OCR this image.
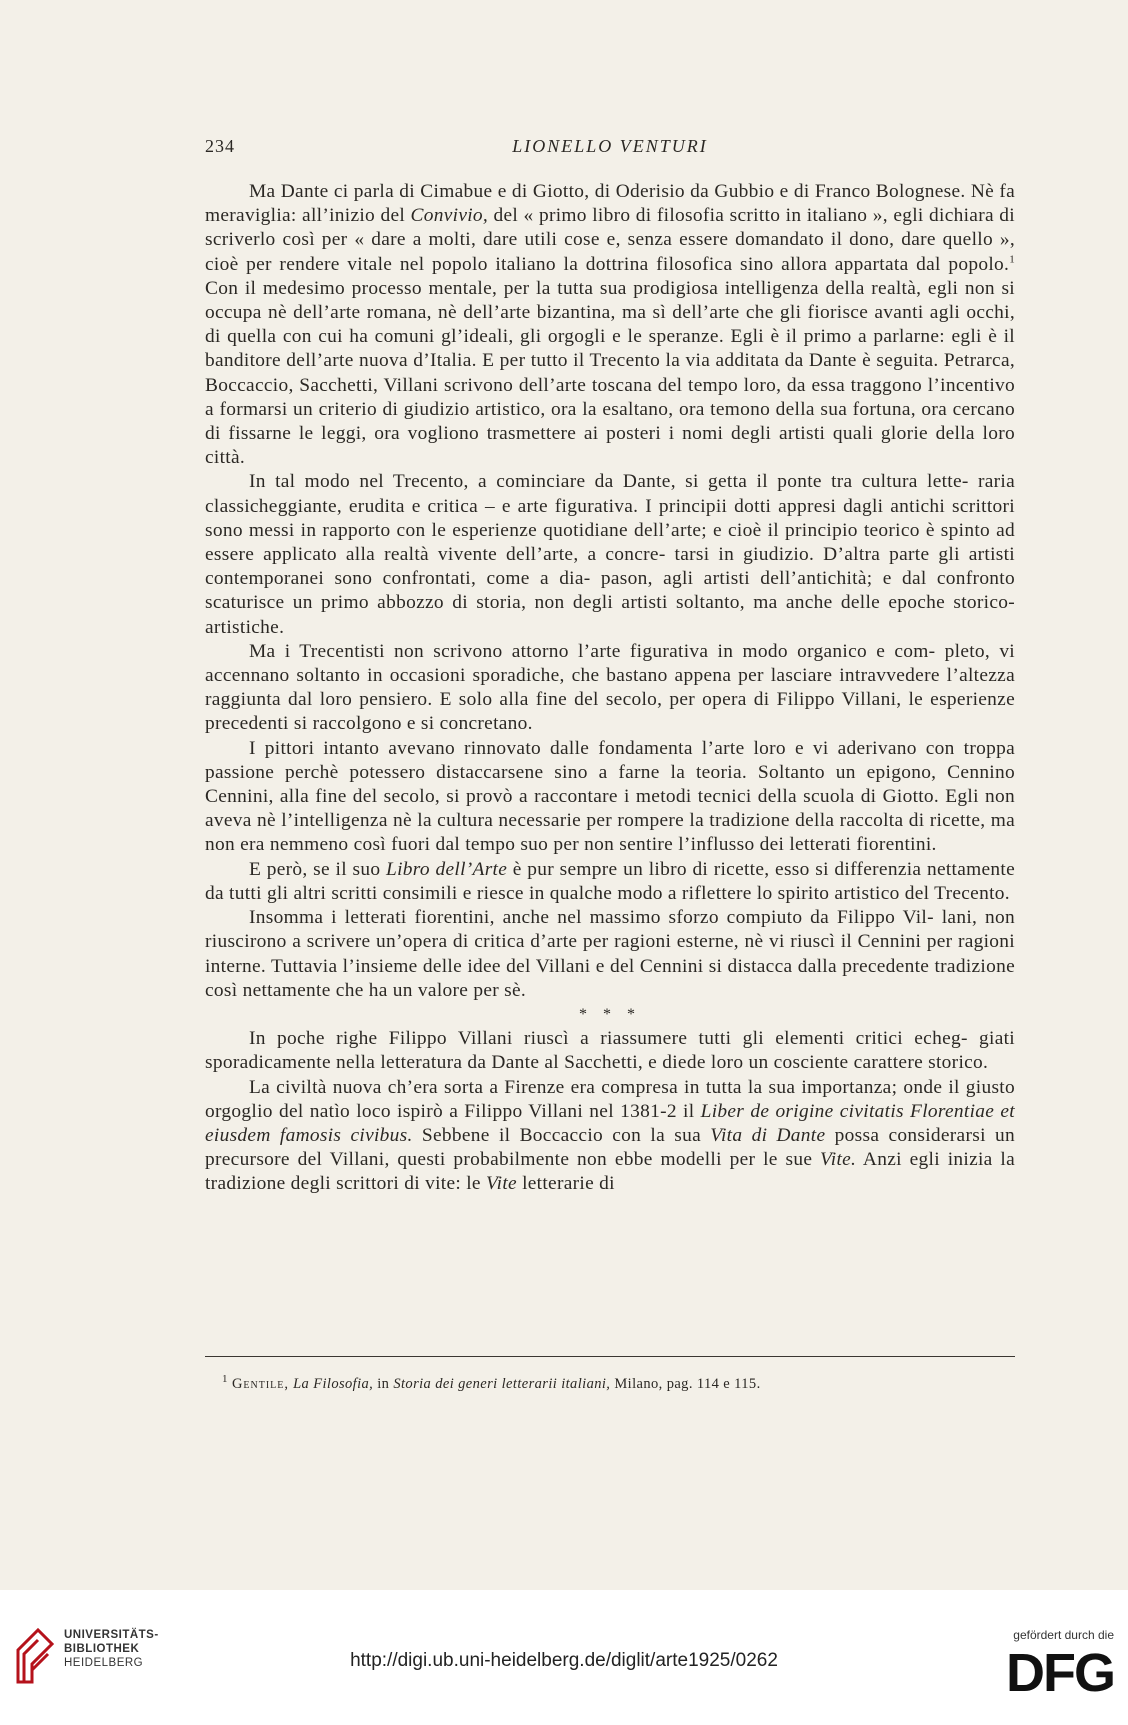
234	LIONELLO VENTURI

Ma Dante ci parla di Cimabue e di Giotto, di Oderisio da Gubbio e di Franco Bolognese. Nè fa meraviglia: all’inizio del Convivio, del « primo libro di filosofia scritto in italiano », egli dichiara di scriverlo così per « dare a molti, dare utili cose e, senza essere domandato il dono, dare quello », cioè per rendere vitale nel popolo italiano la dottrina filosofica sino allora appartata dal popolo.$^1$ Con il medesimo processo mentale, per la tutta sua prodigiosa intelligenza della realtà, egli non si occupa nè dell’arte romana, nè dell’arte bizantina, ma sì dell’arte che gli fiorisce avanti agli occhi, di quella con cui ha comuni gl’ideali, gli orgogli e le speranze. Egli è il primo a parlarne: egli è il banditore dell’arte nuova d’Italia. E per tutto il Trecento la via additata da Dante è seguita. Petrarca, Boccaccio, Sacchetti, Villani scrivono dell’arte toscana del tempo loro, da essa traggono l’incentivo a formarsi un criterio di giudizio artistico, ora la esaltano, ora temono della sua fortuna, ora cercano di fissarne le leggi, ora vogliono trasmettere ai posteri i nomi degli artisti quali glorie della loro città.

In tal modo nel Trecento, a cominciare da Dante, si getta il ponte tra cultura lette- raria classicheggiante, erudita e critica – e arte figurativa. I principii dotti appresi dagli antichi scrittori sono messi in rapporto con le esperienze quotidiane dell’arte; e cioè il principio teorico è spinto ad essere applicato alla realtà vivente dell’arte, a concre- tarsi in giudizio. D’altra parte gli artisti contemporanei sono confrontati, come a dia- pason, agli artisti dell’antichità; e dal confronto scaturisce un primo abbozzo di storia, non degli artisti soltanto, ma anche delle epoche storico-artistiche.

Ma i Trecentisti non scrivono attorno l’arte figurativa in modo organico e com- pleto, vi accennano soltanto in occasioni sporadiche, che bastano appena per lasciare intravvedere l’altezza raggiunta dal loro pensiero. E solo alla fine del secolo, per opera di Filippo Villani, le esperienze precedenti si raccolgono e si concretano.

I pittori intanto avevano rinnovato dalle fondamenta l’arte loro e vi aderivano con troppa passione perchè potessero distaccarsene sino a farne la teoria. Soltanto un epigono, Cennino Cennini, alla fine del secolo, si provò a raccontare i metodi tecnici della scuola di Giotto. Egli non aveva nè l’intelligenza nè la cultura necessarie per rompere la tradizione della raccolta di ricette, ma non era nemmeno così fuori dal tempo suo per non sentire l’influsso dei letterati fiorentini.

E però, se il suo Libro dell’Arte è pur sempre un libro di ricette, esso si differenzia nettamente da tutti gli altri scritti consimili e riesce in qualche modo a riflettere lo spirito artistico del Trecento.

Insomma i letterati fiorentini, anche nel massimo sforzo compiuto da Filippo Vil- lani, non riuscirono a scrivere un’opera di critica d’arte per ragioni esterne, nè vi riuscì il Cennini per ragioni interne. Tuttavia l’insieme delle idee del Villani e del Cennini si distacca dalla precedente tradizione così nettamente che ha un valore per sè.

* * *

In poche righe Filippo Villani riuscì a riassumere tutti gli elementi critici echeg- giati sporadicamente nella letteratura da Dante al Sacchetti, e diede loro un cosciente carattere storico.

La civiltà nuova ch’era sorta a Firenze era compresa in tutta la sua importanza; onde il giusto orgoglio del natìo loco ispirò a Filippo Villani nel 1381-2 il Liber de origine civitatis Florentiae et eiusdem famosis civibus. Sebbene il Boccaccio con la sua Vita di Dante possa considerarsi un precursore del Villani, questi probabilmente non ebbe modelli per le sue Vite. Anzi egli inizia la tradizione degli scrittori di vite: le Vite letterarie di

$^1$ Gentile, La Filosofia, in Storia dei generi letterarii italiani, Milano, pag. 114 e 115.
UNIVERSITÄTS-
BIBLIOTHEK
HEIDELBERG	http://digi.ub.uni-heidelberg.de/diglit/arte1925/0262
gefördert durch die
DFG
